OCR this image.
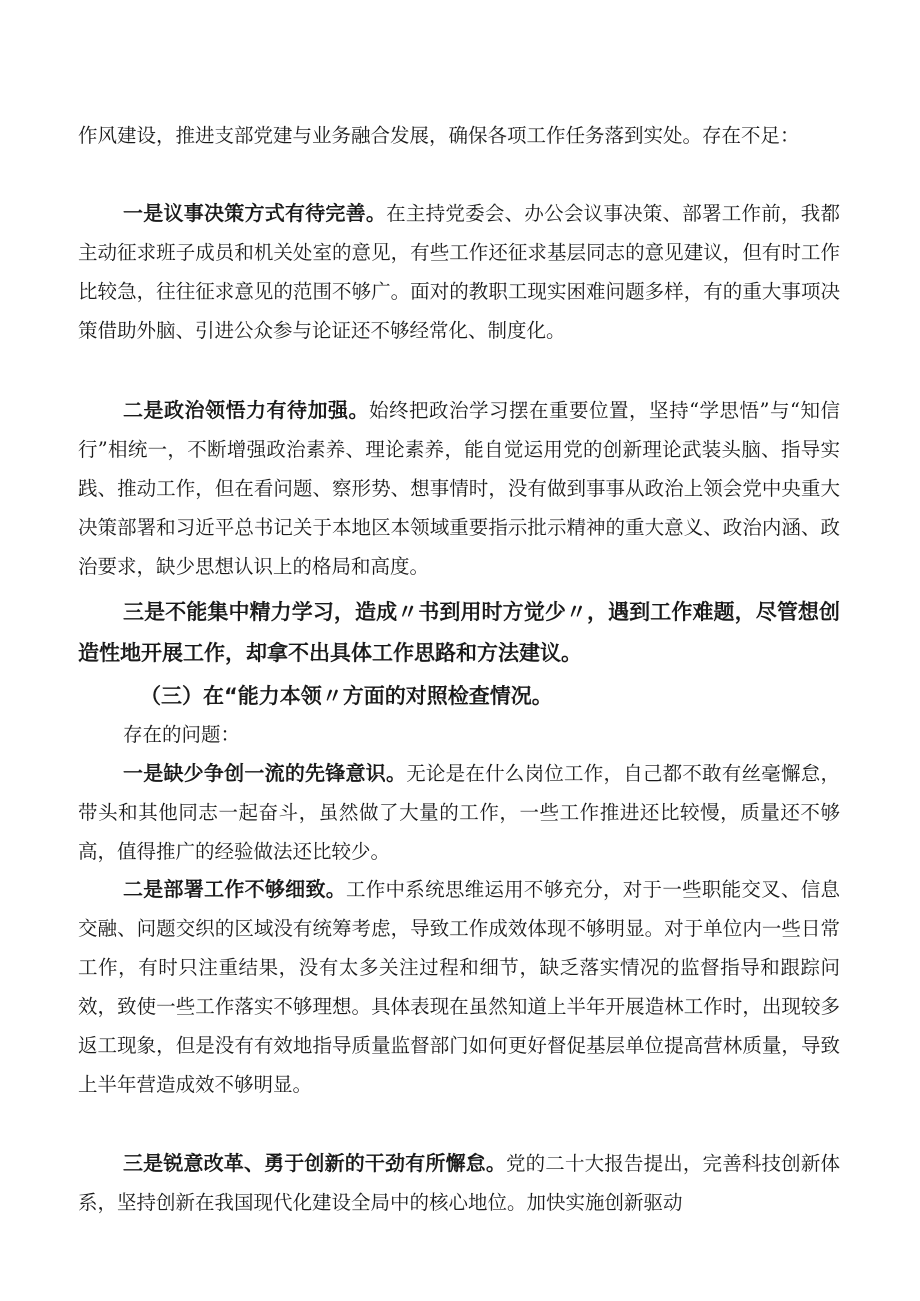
作风建设，推进支部党建与业务融合发展，确保各项工作任务落到实处。存在不足：

一是议事决策方式有待完善。在主持党委会、办公会议事决策、部署工作前，我都主动征求班子成员和机关处室的意见，有些工作还征求基层同志的意见建议，但有时工作比较急，往往征求意见的范围不够广。面对的教职工现实困难问题多样，有的重大事项决策借助外脑、引进公众参与论证还不够经常化、制度化。

二是政治领悟力有待加强。始终把政治学习摆在重要位置，坚持“学思悟”与“知信行”相统一，不断增强政治素养、理论素养，能自觉运用党的创新理论武装头脑、指导实践、推动工作，但在看问题、察形势、想事情时，没有做到事事从政治上领会党中央重大决策部署和习近平总书记关于本地区本领域重要指示批示精神的重大意义、政治内涵、政治要求，缺少思想认识上的格局和高度。

三是不能集中精力学习，造成〃书到用时方觉少〃，遇到工作难题，尽管想创造性地开展工作，却拿不出具体工作思路和方法建议。

（三）在“能力本领〃方面的对照检查情况。

存在的问题：

一是缺少争创一流的先锋意识。无论是在什么岗位工作，自己都不敢有丝毫懈怠，带头和其他同志一起奋斗，虽然做了大量的工作，一些工作推进还比较慢，质量还不够高，值得推广的经验做法还比较少。

二是部署工作不够细致。工作中系统思维运用不够充分，对于一些职能交叉、信息交融、问题交织的区域没有统筹考虑，导致工作成效体现不够明显。对于单位内一些日常工作，有时只注重结果，没有太多关注过程和细节，缺乏落实情况的监督指导和跟踪问效，致使一些工作落实不够理想。具体表现在虽然知道上半年开展造林工作时，出现较多返工现象，但是没有有效地指导质量监督部门如何更好督促基层单位提高营林质量，导致上半年营造成效不够明显。

三是锐意改革、勇于创新的干劲有所懈怠。党的二十大报告提出，完善科技创新体系，坚持创新在我国现代化建设全局中的核心地位。加快实施创新驱动
